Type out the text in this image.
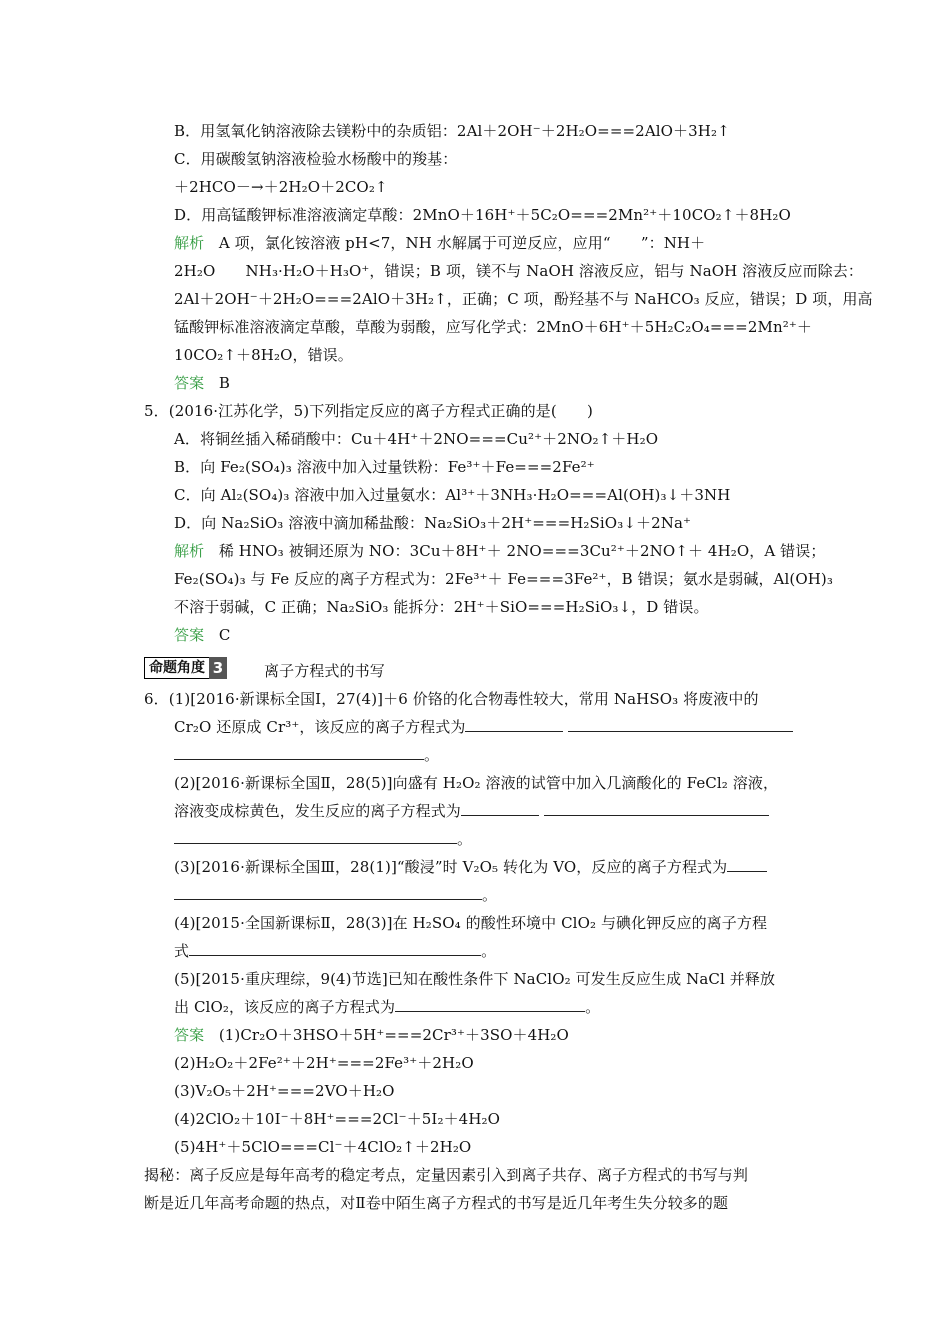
B．用氢氧化钠溶液除去镁粉中的杂质铝：2Al＋2OH⁻＋2H₂O===2AlO＋3H₂↑
C．用碳酸氢钠溶液检验水杨酸中的羧基：
＋2HCO－→＋2H₂O＋2CO₂↑
D．用高锰酸钾标准溶液滴定草酸：2MnO＋16H⁺＋5C₂O===2Mn²⁺＋10CO₂↑＋8H₂O
解析 A 项，氯化铵溶液 pH<7，NH 水解属于可逆反应，应用“　　”：NH＋
2H₂O　　NH₃·H₂O＋H₃O⁺，错误；B 项，镁不与 NaOH 溶液反应，铝与 NaOH 溶液反应而除去：
2Al＋2OH⁻＋2H₂O===2AlO＋3H₂↑，正确；C 项，酚羟基不与 NaHCO₃ 反应，错误；D 项，用高
锰酸钾标准溶液滴定草酸，草酸为弱酸，应写化学式：2MnO＋6H⁺＋5H₂C₂O₄===2Mn²⁺＋
10CO₂↑＋8H₂O，错误。
答案 B
5．(2016·江苏化学，5)下列指定反应的离子方程式正确的是(　　)
A．将铜丝插入稀硝酸中：Cu＋4H⁺＋2NO===Cu²⁺＋2NO₂↑＋H₂O
B．向 Fe₂(SO₄)₃ 溶液中加入过量铁粉：Fe³⁺＋Fe===2Fe²⁺
C．向 Al₂(SO₄)₃ 溶液中加入过量氨水：Al³⁺＋3NH₃·H₂O===Al(OH)₃↓＋3NH
D．向 Na₂SiO₃ 溶液中滴加稀盐酸：Na₂SiO₃＋2H⁺===H₂SiO₃↓＋2Na⁺
解析 稀 HNO₃ 被铜还原为 NO：3Cu＋8H⁺＋ 2NO===3Cu²⁺＋2NO↑＋ 4H₂O，A 错误；
Fe₂(SO₄)₃ 与 Fe 反应的离子方程式为：2Fe³⁺＋ Fe===3Fe²⁺，B 错误；氨水是弱碱，Al(OH)₃
不溶于弱碱，C 正确；Na₂SiO₃ 能拆分：2H⁺＋SiO===H₂SiO₃↓，D 错误。
答案 C
命题角度 3	离子方程式的书写
6．(1)[2016·新课标全国Ⅰ，27(4)]＋6 价铬的化合物毒性较大，常用 NaHSO₃ 将废液中的
Cr₂O 还原成 Cr³⁺，该反应的离子方程式为
。
(2)[2016·新课标全国Ⅱ，28(5)]向盛有 H₂O₂ 溶液的试管中加入几滴酸化的 FeCl₂ 溶液，
溶液变成棕黄色，发生反应的离子方程式为
。
(3)[2016·新课标全国Ⅲ，28(1)]“酸浸”时 V₂O₅ 转化为 VO，反应的离子方程式为
。
(4)[2015·全国新课标Ⅱ，28(3)]在 H₂SO₄ 的酸性环境中 ClO₂ 与碘化钾反应的离子方程
式	。
(5)[2015·重庆理综，9(4)节选]已知在酸性条件下 NaClO₂ 可发生反应生成 NaCl 并释放
出 ClO₂，该反应的离子方程式为	。
答案 (1)Cr₂O＋3HSO＋5H⁺===2Cr³⁺＋3SO＋4H₂O
(2)H₂O₂＋2Fe²⁺＋2H⁺===2Fe³⁺＋2H₂O
(3)V₂O₅＋2H⁺===2VO＋H₂O
(4)2ClO₂＋10I⁻＋8H⁺===2Cl⁻＋5I₂＋4H₂O
(5)4H⁺＋5ClO===Cl⁻＋4ClO₂↑＋2H₂O
揭秘：离子反应是每年高考的稳定考点，定量因素引入到离子共存、离子方程式的书写与判
断是近几年高考命题的热点，对Ⅱ卷中陌生离子方程式的书写是近几年考生失分较多的题
